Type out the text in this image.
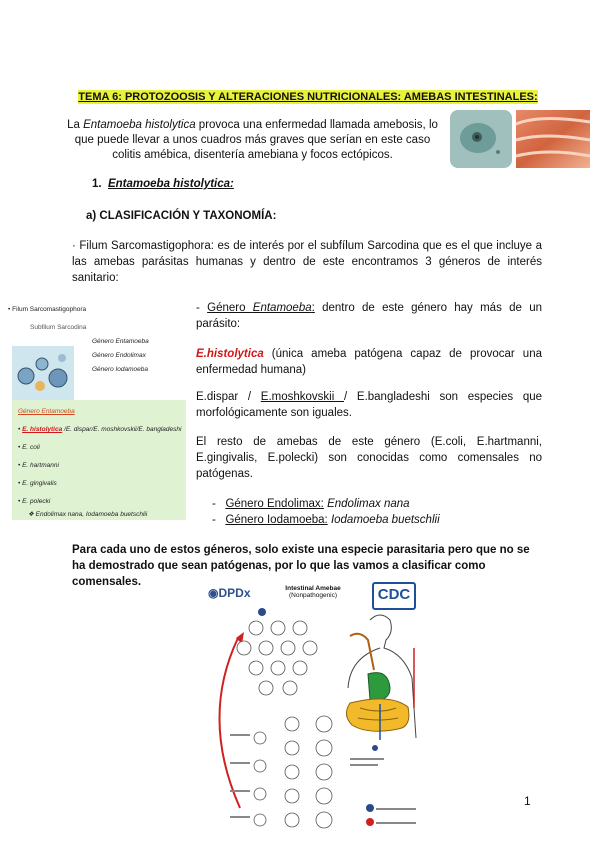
TEMA 6: PROTOZOOSIS Y ALTERACIONES NUTRICIONALES: AMEBAS INTESTINALES:
La Entamoeba histolytica provoca una enfermedad llamada amebosis, lo que puede llevar a unos cuadros más graves que serían en este caso colitis amébica, disentería amebiana y focos ectópicos.
1. Entamoeba histolytica:
a) CLASIFICACIÓN Y TAXONOMÍA:
· Filum Sarcomastigophora: es de interés por el subfílum Sarcodina que es el que incluye a las amebas parásitas humanas y dentro de este encontramos 3 géneros de interés sanitario:
• Filum Sarcomastigophora
Subfilum Sarcodina
Género Entamoeba
Género Endolimax
Género Iodamoeba
Género Entamoeba
• E. histolytica /E. dispar/E. moshkovskii/E. bangladeshi
• E. coli
• E. hartmanni
• E. gingivalis
• E. polecki
❖ Endolimax nana, Iodamoeba buetschlii
- Género Entamoeba: dentro de este género hay más de un parásito:
E.histolytica (única ameba patógena capaz de provocar una enfermedad humana)
E.dispar / E.moshkovskii / E.bangladeshi son especies que morfológicamente son iguales.
El resto de amebas de este género (E.coli, E.hartmanni, E.gingivalis, E.polecki) son conocidas como comensales no patógenas.
- Género Endolimax: Endolimax nana
- Género Iodamoeba: Iodamoeba buetschlii
Para cada uno de estos géneros, solo existe una especie parasitaria pero que no se ha demostrado que sean patógenas, por lo que las vamos a clasificar como comensales.
◉DPDx	Intestinal Amebae
(Nonpathogenic)	CDC
1
